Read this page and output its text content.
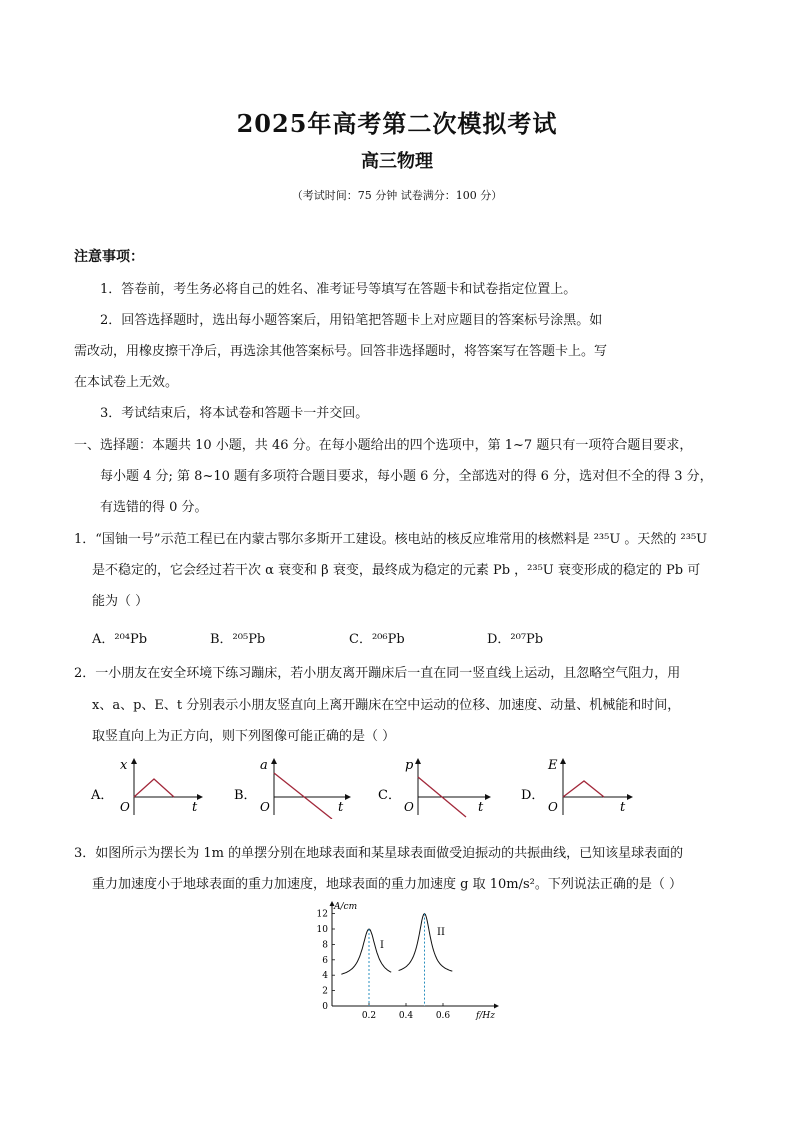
2025年高考第二次模拟考试
高三物理
（考试时间：75 分钟 试卷满分：100 分）
注意事项：
1．答卷前，考生务必将自己的姓名、准考证号等填写在答题卡和试卷指定位置上。
2．回答选择题时，选出每小题答案后，用铅笔把答题卡上对应题目的答案标号涂黑。如
需改动，用橡皮擦干净后，再选涂其他答案标号。回答非选择题时，将答案写在答题卡上。写
在本试卷上无效。
3．考试结束后，将本试卷和答题卡一并交回。
一、选择题：本题共 10 小题，共 46 分。在每小题给出的四个选项中，第 1~7 题只有一项符合题目要求，
每小题 4 分; 第 8~10 题有多项符合题目要求，每小题 6 分，全部选对的得 6 分，选对但不全的得 3 分，
有选错的得 0 分。
1．“国铀一号”示范工程已在内蒙古鄂尔多斯开工建设。核电站的核反应堆常用的核燃料是 ²³⁵U 。天然的 ²³⁵U
是不稳定的，它会经过若干次 α 衰变和 β 衰变，最终成为稳定的元素 Pb ，²³⁵U 衰变形成的稳定的 Pb 可
能为（ ）
A．²⁰⁴Pb	B．²⁰⁵Pb	C．²⁰⁶Pb	D．²⁰⁷Pb
2．一小朋友在安全环境下练习蹦床，若小朋友离开蹦床后一直在同一竖直线上运动，且忽略空气阻力，用
x、a、p、E、t 分别表示小朋友竖直向上离开蹦床在空中运动的位移、加速度、动量、机械能和时间，
取竖直向上为正方向，则下列图像可能正确的是（ ）
A．
x
t
O
B．
a
t
O
C．
p
t
O
D．
E
t
O
3．如图所示为摆长为 1m 的单摆分别在地球表面和某星球表面做受迫振动的共振曲线，已知该星球表面的
重力加速度小于地球表面的重力加速度，地球表面的重力加速度 g 取 10m/s²。下列说法正确的是（ ）
12
10
8
6
4
2
0
0.2	0.4	0.6
A/cm
f/Hz
I
II
